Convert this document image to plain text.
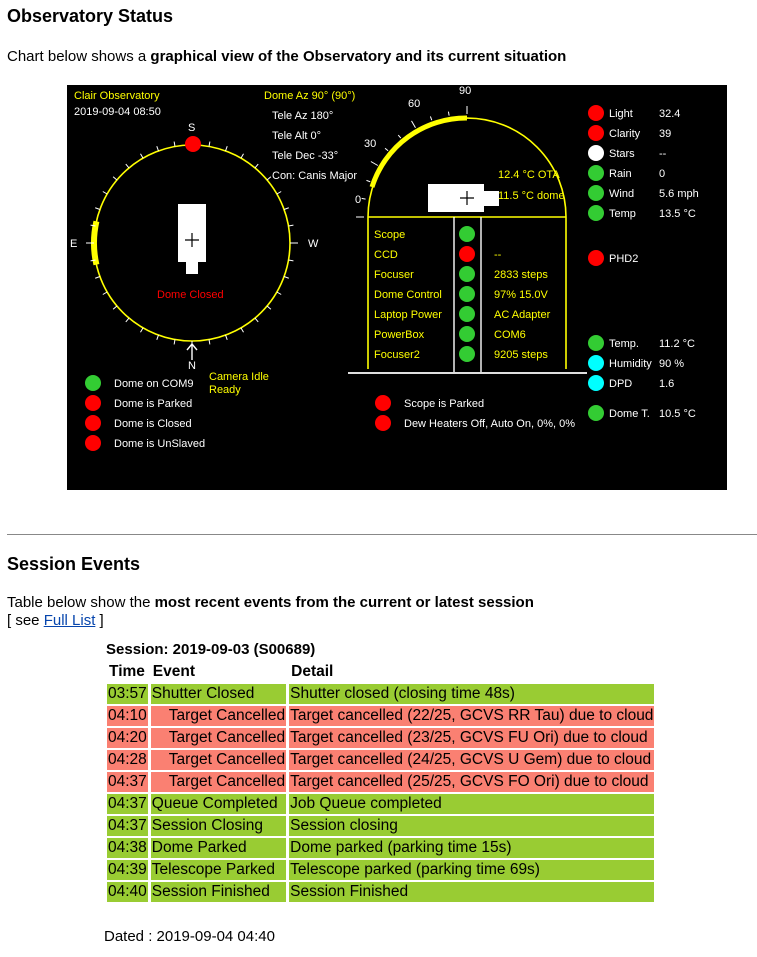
Observatory Status
Chart below shows a graphical view of the Observatory and its current situation
Clair Observatory
2019-09-04 08:50
Dome Az 90° (90°)
Tele Az 180°
Tele Alt 0°
Tele Dec -33°
Con: Canis Major
S
E	W
N
Dome Closed
Camera Idle
Ready
0
30
60
90
12.4 °C OTA
11.5 °C dome
Scope
CCD	--
Focuser	2833 steps
Dome Control	97% 15.0V
Laptop Power	AC Adapter
PowerBox	COM6
Focuser2	9205 steps
Dome on COM9
Dome is Parked
Dome is Closed
Dome is UnSlaved
Scope is Parked
Dew Heaters Off, Auto On, 0%, 0%
Light 32.4
Clarity 39
Stars --
Rain 0
Wind 5.6 mph
Temp 13.5 °C
PHD2
Temp. 11.2 °C
Humidity 90 %
DPD 1.6
Dome T. 10.5 °C
Session Events
Table below show the most recent events from the current or latest session
[ see Full List ]
Session: 2019-09-03 (S00689)
Time	Event	Detail
03:57	Shutter Closed	Shutter closed (closing time 48s)
04:10	Target Cancelled	Target cancelled (22/25, GCVS RR Tau) due to cloud
04:20	Target Cancelled	Target cancelled (23/25, GCVS FU Ori) due to cloud
04:28	Target Cancelled	Target cancelled (24/25, GCVS U Gem) due to cloud
04:37	Target Cancelled	Target cancelled (25/25, GCVS FO Ori) due to cloud
04:37	Queue Completed	Job Queue completed
04:37	Session Closing	Session closing
04:38	Dome Parked	Dome parked (parking time 15s)
04:39	Telescope Parked	Telescope parked (parking time 69s)
04:40	Session Finished	Session Finished
Dated : 2019-09-04 04:40
